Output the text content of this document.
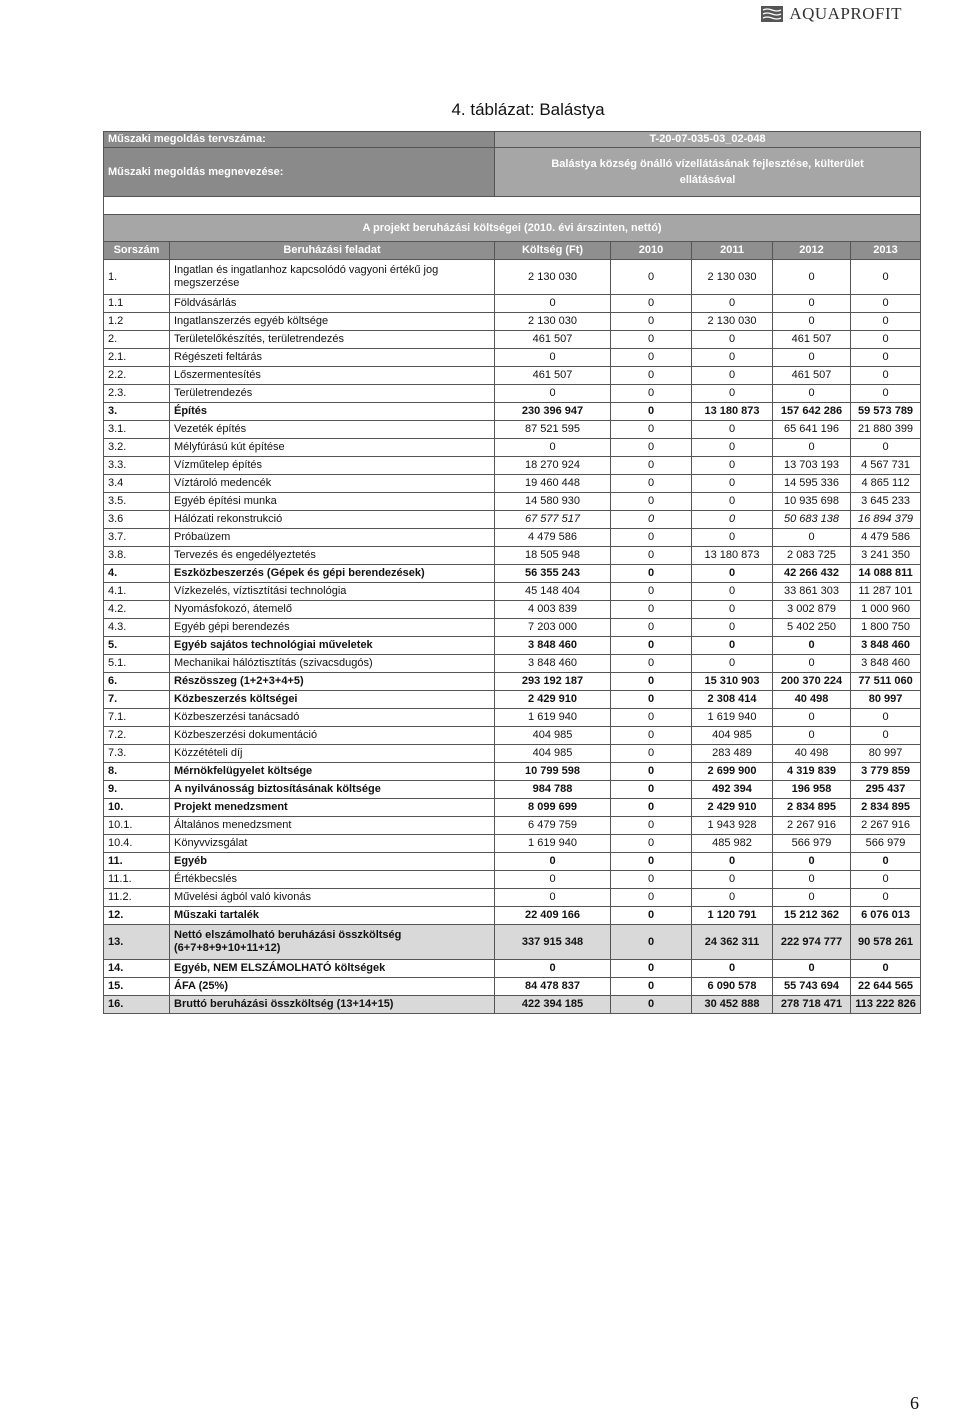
AQUAPROFIT
4. táblázat: Balástya
Műszaki megoldás tervszáma:		T-20-07-035-03_02-048				
Műszaki megoldás megnevezése:		Balástya község önálló vízellátásának fejlesztése, külterület ellátásával				

A projekt beruházási költségei (2010. évi árszinten, nettó)						
Sorszám	Beruházási feladat	Költség (Ft)	2010	2011	2012	2013
1.	Ingatlan és ingatlanhoz kapcsolódó vagyoni értékű jog megszerzése	2 130 030	0	2 130 030	0	0
1.1	Földvásárlás	0	0	0	0	0
1.2	Ingatlanszerzés egyéb költsége	2 130 030	0	2 130 030	0	0
2.	Területelőkészítés, területrendezés	461 507	0	0	461 507	0
2.1.	Régészeti feltárás	0	0	0	0	0
2.2.	Lőszermentesítés	461 507	0	0	461 507	0
2.3.	Területrendezés	0	0	0	0	0
3.	Építés	230 396 947	0	13 180 873	157 642 286	59 573 789
3.1.	Vezeték építés	87 521 595	0	0	65 641 196	21 880 399
3.2.	Mélyfúrású kút építése	0	0	0	0	0
3.3.	Vízműtelep építés	18 270 924	0	0	13 703 193	4 567 731
3.4	Víztároló medencék	19 460 448	0	0	14 595 336	4 865 112
3.5.	Egyéb építési munka	14 580 930	0	0	10 935 698	3 645 233
3.6	Hálózati rekonstrukció	67 577 517	0	0	50 683 138	16 894 379
3.7.	Próbaüzem	4 479 586	0	0	0	4 479 586
3.8.	Tervezés és engedélyeztetés	18 505 948	0	13 180 873	2 083 725	3 241 350
4.	Eszközbeszerzés (Gépek és gépi berendezések)	56 355 243	0	0	42 266 432	14 088 811
4.1.	Vízkezelés, víztisztítási technológia	45 148 404	0	0	33 861 303	11 287 101
4.2.	Nyomásfokozó, átemelő	4 003 839	0	0	3 002 879	1 000 960
4.3.	Egyéb gépi berendezés	7 203 000	0	0	5 402 250	1 800 750
5.	Egyéb sajátos technológiai műveletek	3 848 460	0	0	0	3 848 460
5.1.	Mechanikai hálóztisztítás (szivacsdugós)	3 848 460	0	0	0	3 848 460
6.	Részösszeg (1+2+3+4+5)	293 192 187	0	15 310 903	200 370 224	77 511 060
7.	Közbeszerzés költségei	2 429 910	0	2 308 414	40 498	80 997
7.1.	Közbeszerzési tanácsadó	1 619 940	0	1 619 940	0	0
7.2.	Közbeszerzési dokumentáció	404 985	0	404 985	0	0
7.3.	Közzétételi díj	404 985	0	283 489	40 498	80 997
8.	Mérnökfelügyelet költsége	10 799 598	0	2 699 900	4 319 839	3 779 859
9.	A nyilvánosság biztosításának költsége	984 788	0	492 394	196 958	295 437
10.	Projekt menedzsment	8 099 699	0	2 429 910	2 834 895	2 834 895
10.1.	Általános menedzsment	6 479 759	0	1 943 928	2 267 916	2 267 916
10.4.	Könyvvizsgálat	1 619 940	0	485 982	566 979	566 979
11.	Egyéb	0	0	0	0	0
11.1.	Értékbecslés	0	0	0	0	0
11.2.	Művelési ágból való kivonás	0	0	0	0	0
12.	Műszaki tartalék	22 409 166	0	1 120 791	15 212 362	6 076 013
13.	Nettó elszámolható beruházási összköltség (6+7+8+9+10+11+12)	337 915 348	0	24 362 311	222 974 777	90 578 261
14.	Egyéb, NEM ELSZÁMOLHATÓ költségek	0	0	0	0	0
15.	ÁFA (25%)	84 478 837	0	6 090 578	55 743 694	22 644 565
16.	Bruttó beruházási összköltség (13+14+15)	422 394 185	0	30 452 888	278 718 471	113 222 826
6
